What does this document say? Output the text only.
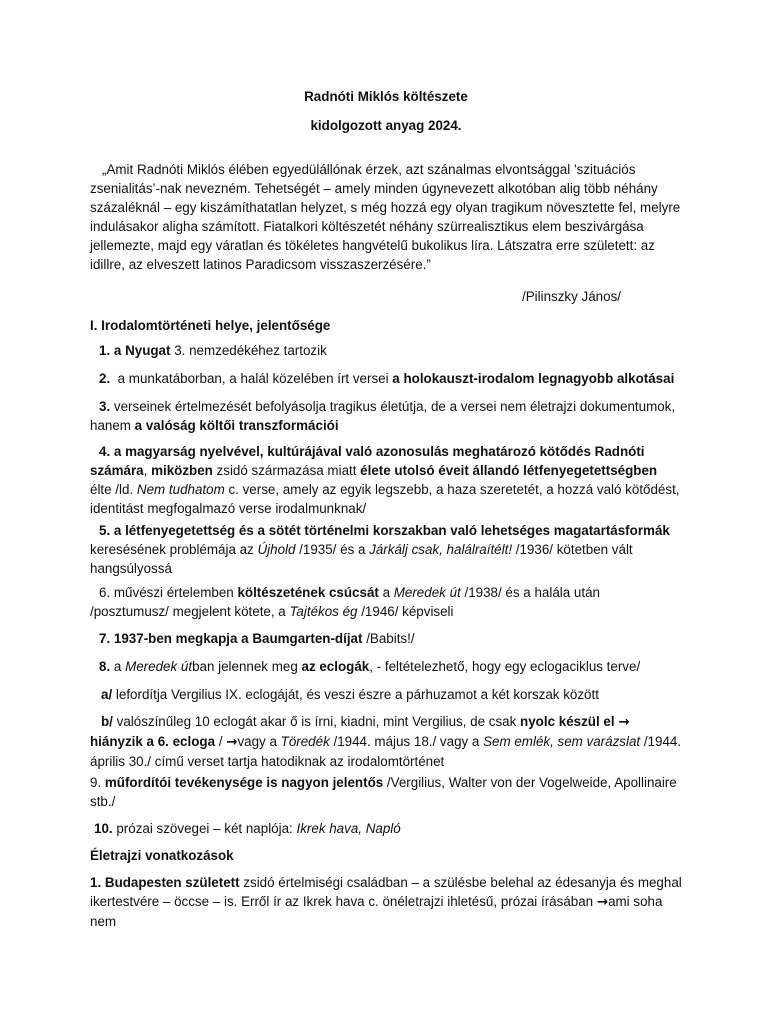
Radnóti Miklós költészete

kidolgozott anyag 2024.

„Amit Radnóti Miklós élében egyedülállónak érzek, azt szánalmas elvontsággal ’szituációs zsenialitás’-nak nevezném. Tehetségét – amely minden úgynevezett alkotóban alig több néhány százaléknál – egy kiszámíthatatlan helyzet, s még hozzá egy olyan tragikum növesztette fel, melyre indulásakor aligha számított. Fiatalkori költészetét néhány szürrealisztikus elem beszivárgása jellemezte, majd egy váratlan és tökéletes hangvételű bukolikus líra. Látszatra erre született: az idillre, az elveszett latinos Paradicsom visszaszerzésére.”

/Pilinszky János/

I. Irodalomtörténeti helye, jelentősége

1. a Nyugat 3. nemzedékéhez tartozik

2. a munkatáborban, a halál közelében írt versei a holokauszt-irodalom legnagyobb alkotásai

3. verseinek értelmezését befolyásolja tragikus életútja, de a versei nem életrajzi dokumentumok, hanem a valóság költői transzformációi

4. a magyarság nyelvével, kultúrájával való azonosulás meghatározó kötődés Radnóti számára, miközben zsidó származása miatt élete utolsó éveit állandó létfenyegetettségben élte /ld. Nem tudhatom c. verse, amely az egyik legszebb, a haza szeretetét, a hozzá való kötődést, identitást megfogalmazó verse irodalmunknak/

5. a létfenyegetettség és a sötét történelmi korszakban való lehetséges magatartásformák keresésének problémája az Újhold /1935/ és a Járkálj csak, halálraítélt! /1936/ kötetben vált hangsúlyossá

6. művészi értelemben költészetének csúcsát a Meredek út /1938/ és a halála után /posztumusz/ megjelent kötete, a Tajtékos ég /1946/ képviseli

7. 1937-ben megkapja a Baumgarten-díjat /Babits!/

8. a Meredek útban jelennek meg az eclogák, - feltételezhető, hogy egy eclogaciklus terve/

a/ lefordítja Vergilius IX. eclogáját, és veszi észre a párhuzamot a két korszak között

b/ valószínűleg 10 eclogát akar ő is írni, kiadni, mint Vergilius, de csak nyolc készül el → hiányzik a 6. ecloga / →vagy a Töredék /1944. május 18./ vagy a Sem emlék, sem varázslat /1944. április 30./ című verset tartja hatodiknak az irodalomtörténet

9. műfordítói tevékenysége is nagyon jelentős /Vergilius, Walter von der Vogelweide, Apollinaire stb./

10. prózai szövegei – két naplója: Ikrek hava, Napló

Életrajzi vonatkozások

1. Budapesten született zsidó értelmiségi családban – a szülésbe belehal az édesanyja és meghal ikertestvére – öccse – is. Erről ír az Ikrek hava c. önéletrajzi ihletésű, prózai írásában →ami soha nem
